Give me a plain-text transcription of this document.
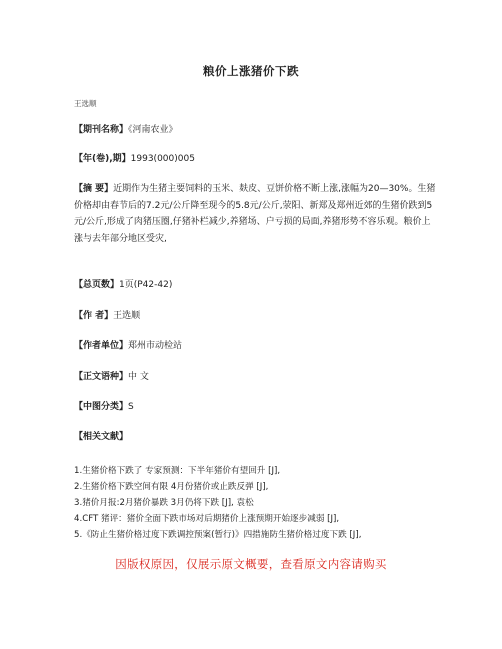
粮价上涨猪价下跌
王选顺
【期刊名称】《河南农业》
【年(卷),期】1993(000)005
【摘 要】近期作为生猪主要饲料的玉米、麸皮、豆饼价格不断上涨,涨幅为20—30%。生猪价格却由春节后的7.2元/公斤降至现今的5.8元/公斤,荥阳、新郑及郑州近郊的生猪价跌到5元/公斤,形成了肉猪压圈,仔猪补栏减少,养猪场、户亏损的局面,养猪形势不容乐观。粮价上涨与去年部分地区受灾,
【总页数】1页(P42-42)
【作 者】王选顺
【作者单位】郑州市动检站
【正文语种】中 文
【中图分类】S
【相关文献】
1.生猪价格下跌了 专家预测：下半年猪价有望回升 [J],
2.生猪价格下跌空间有限 4月份猪价或止跌反弹 [J],
3.猪价月报:2月猪价暴跌 3月仍将下跌 [J], 袁松
4.CFT 猪评：猪价全面下跌市场对后期猪价上涨预期开始逐步减弱 [J],
5.《防止生猪价格过度下跌调控预案(暂行)》四措施防生猪价格过度下跌 [J],
因版权原因，仅展示原文概要，查看原文内容请购买
